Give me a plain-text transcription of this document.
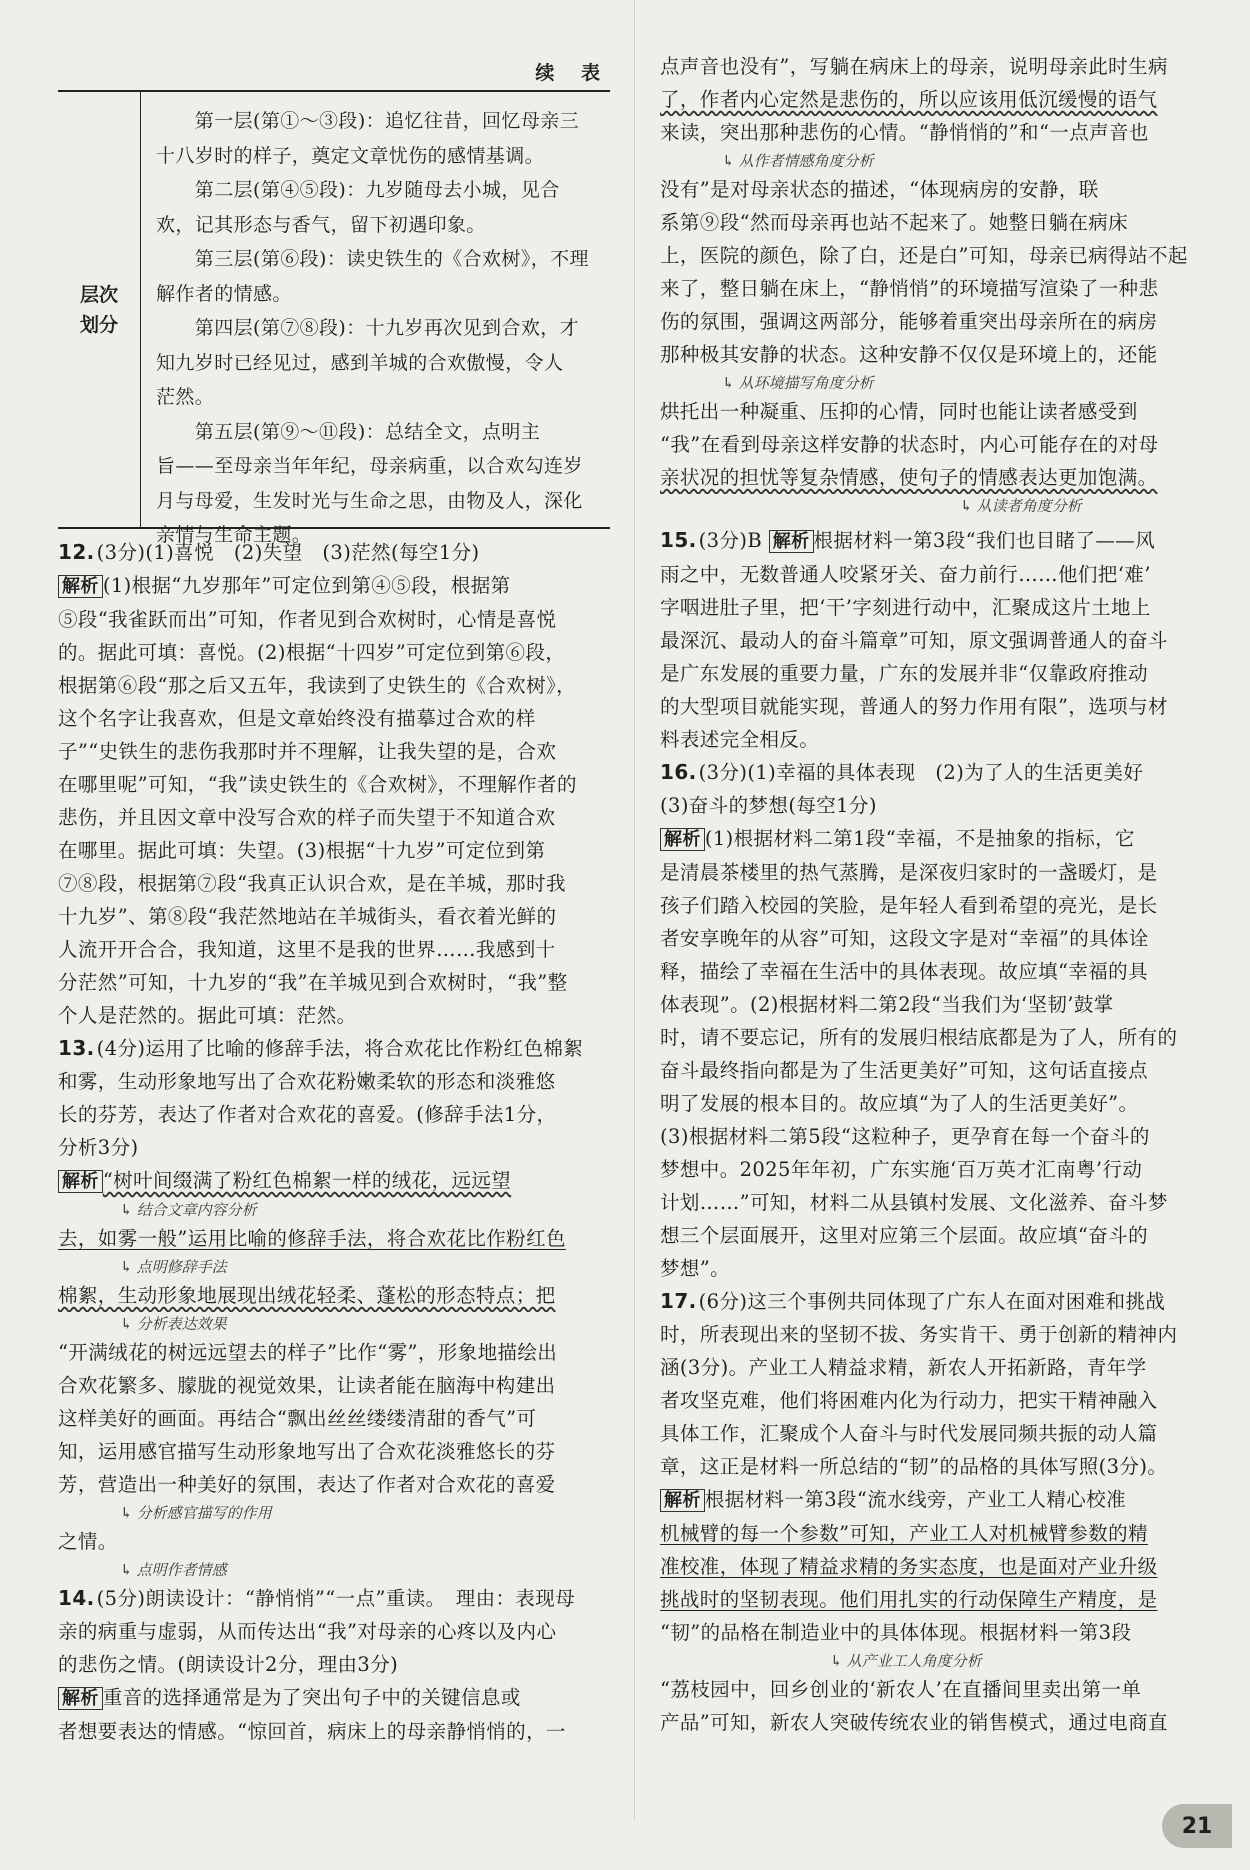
续 表
层次
划分

　　第一层(第①～③段)：追忆往昔，回忆母亲三

十八岁时的样子，奠定文章忧伤的感情基调。

　　第二层(第④⑤段)：九岁随母去小城，见合

欢，记其形态与香气，留下初遇印象。

　　第三层(第⑥段)：读史铁生的《合欢树》，不理

解作者的情感。

　　第四层(第⑦⑧段)：十九岁再次见到合欢，才

知九岁时已经见过，感到羊城的合欢傲慢，令人

茫然。

　　第五层(第⑨～⑪段)：总结全文，点明主

旨——至母亲当年年纪，母亲病重，以合欢勾连岁

月与母爱，生发时光与生命之思，由物及人，深化

亲情与生命主题。

12. (3分)(1)喜悦　(2)失望　(3)茫然(每空1分)

解析 (1)根据“九岁那年”可定位到第④⑤段，根据第

⑤段“我雀跃而出”可知，作者见到合欢树时，心情是喜悦

的。据此可填：喜悦。(2)根据“十四岁”可定位到第⑥段，

根据第⑥段“那之后又五年，我读到了史铁生的《合欢树》，

这个名字让我喜欢，但是文章始终没有描摹过合欢的样

子”“史铁生的悲伤我那时并不理解，让我失望的是，合欢

在哪里呢”可知，“我”读史铁生的《合欢树》，不理解作者的

悲伤，并且因文章中没写合欢的样子而失望于不知道合欢

在哪里。据此可填：失望。(3)根据“十九岁”可定位到第

⑦⑧段，根据第⑦段“我真正认识合欢，是在羊城，那时我

十九岁”、第⑧段“我茫然地站在羊城街头，看衣着光鲜的

人流开开合合，我知道，这里不是我的世界……我感到十

分茫然”可知，十九岁的“我”在羊城见到合欢树时，“我”整

个人是茫然的。据此可填：茫然。

13. (4分)运用了比喻的修辞手法，将合欢花比作粉红色棉絮

和雾，生动形象地写出了合欢花粉嫩柔软的形态和淡雅悠

长的芬芳，表达了作者对合欢花的喜爱。(修辞手法1分，

分析3分)

解析 “树叶间缀满了粉红色棉絮一样的绒花，远远望

↳ 结合文章内容分析

去，如雾一般”运用比喻的修辞手法，将合欢花比作粉红色

↳ 点明修辞手法

棉絮，生动形象地展现出绒花轻柔、蓬松的形态特点；把

↳ 分析表达效果

“开满绒花的树远远望去的样子”比作“雾”，形象地描绘出

合欢花繁多、朦胧的视觉效果，让读者能在脑海中构建出

这样美好的画面。再结合“飘出丝丝缕缕清甜的香气”可

知，运用感官描写生动形象地写出了合欢花淡雅悠长的芬

芳，营造出一种美好的氛围，表达了作者对合欢花的喜爱

↳ 分析感官描写的作用

之情。

↳ 点明作者情感

14. (5分)朗读设计：“静悄悄”“一点”重读。　理由：表现母

亲的病重与虚弱，从而传达出“我”对母亲的心疼以及内心

的悲伤之情。(朗读设计2分，理由3分)

解析 重音的选择通常是为了突出句子中的关键信息或

者想要表达的情感。“惊回首，病床上的母亲静悄悄的，一

点声音也没有”，写躺在病床上的母亲，说明母亲此时生病

了，作者内心定然是悲伤的，所以应该用低沉缓慢的语气

来读，突出那种悲伤的心情。“静悄悄的”和“一点声音也

↳ 从作者情感角度分析

没有”是对母亲状态的描述，“体现病房的安静，联

系第⑨段“然而母亲再也站不起来了。她整日躺在病床

上，医院的颜色，除了白，还是白”可知，母亲已病得站不起

来了，整日躺在床上，“静悄悄”的环境描写渲染了一种悲

伤的氛围，强调这两部分，能够着重突出母亲所在的病房

那种极其安静的状态。这种安静不仅仅是环境上的，还能

↳ 从环境描写角度分析

烘托出一种凝重、压抑的心情，同时也能让读者感受到

“我”在看到母亲这样安静的状态时，内心可能存在的对母

亲状况的担忧等复杂情感，使句子的情感表达更加饱满。

↳ 从读者角度分析

15. (3分)B 解析 根据材料一第3段“我们也目睹了——风

雨之中，无数普通人咬紧牙关、奋力前行……他们把‘难’

字咽进肚子里，把‘干’字刻进行动中，汇聚成这片土地上

最深沉、最动人的奋斗篇章”可知，原文强调普通人的奋斗

是广东发展的重要力量，广东的发展并非“仅靠政府推动

的大型项目就能实现，普通人的努力作用有限”，选项与材

料表述完全相反。

16. (3分)(1)幸福的具体表现　(2)为了人的生活更美好

(3)奋斗的梦想(每空1分)

解析 (1)根据材料二第1段“幸福，不是抽象的指标，它

是清晨茶楼里的热气蒸腾，是深夜归家时的一盏暖灯，是

孩子们踏入校园的笑脸，是年轻人看到希望的亮光，是长

者安享晚年的从容”可知，这段文字是对“幸福”的具体诠

释，描绘了幸福在生活中的具体表现。故应填“幸福的具

体表现”。(2)根据材料二第2段“当我们为‘坚韧’鼓掌

时，请不要忘记，所有的发展归根结底都是为了人，所有的

奋斗最终指向都是为了生活更美好”可知，这句话直接点

明了发展的根本目的。故应填“为了人的生活更美好”。

(3)根据材料二第5段“这粒种子，更孕育在每一个奋斗的

梦想中。2025年年初，广东实施‘百万英才汇南粤’行动

计划……”可知，材料二从县镇村发展、文化滋养、奋斗梦

想三个层面展开，这里对应第三个层面。故应填“奋斗的

梦想”。

17. (6分)这三个事例共同体现了广东人在面对困难和挑战

时，所表现出来的坚韧不拔、务实肯干、勇于创新的精神内

涵(3分)。产业工人精益求精，新农人开拓新路，青年学

者攻坚克难，他们将困难内化为行动力，把实干精神融入

具体工作，汇聚成个人奋斗与时代发展同频共振的动人篇

章，这正是材料一所总结的“韧”的品格的具体写照(3分)。

解析 根据材料一第3段“流水线旁，产业工人精心校准

机械臂的每一个参数”可知，产业工人对机械臂参数的精

准校准，体现了精益求精的务实态度，也是面对产业升级

挑战时的坚韧表现。他们用扎实的行动保障生产精度，是

“韧”的品格在制造业中的具体体现。根据材料一第3段

↳ 从产业工人角度分析

“荔枝园中，回乡创业的‘新农人’在直播间里卖出第一单

产品”可知，新农人突破传统农业的销售模式，通过电商直

21
